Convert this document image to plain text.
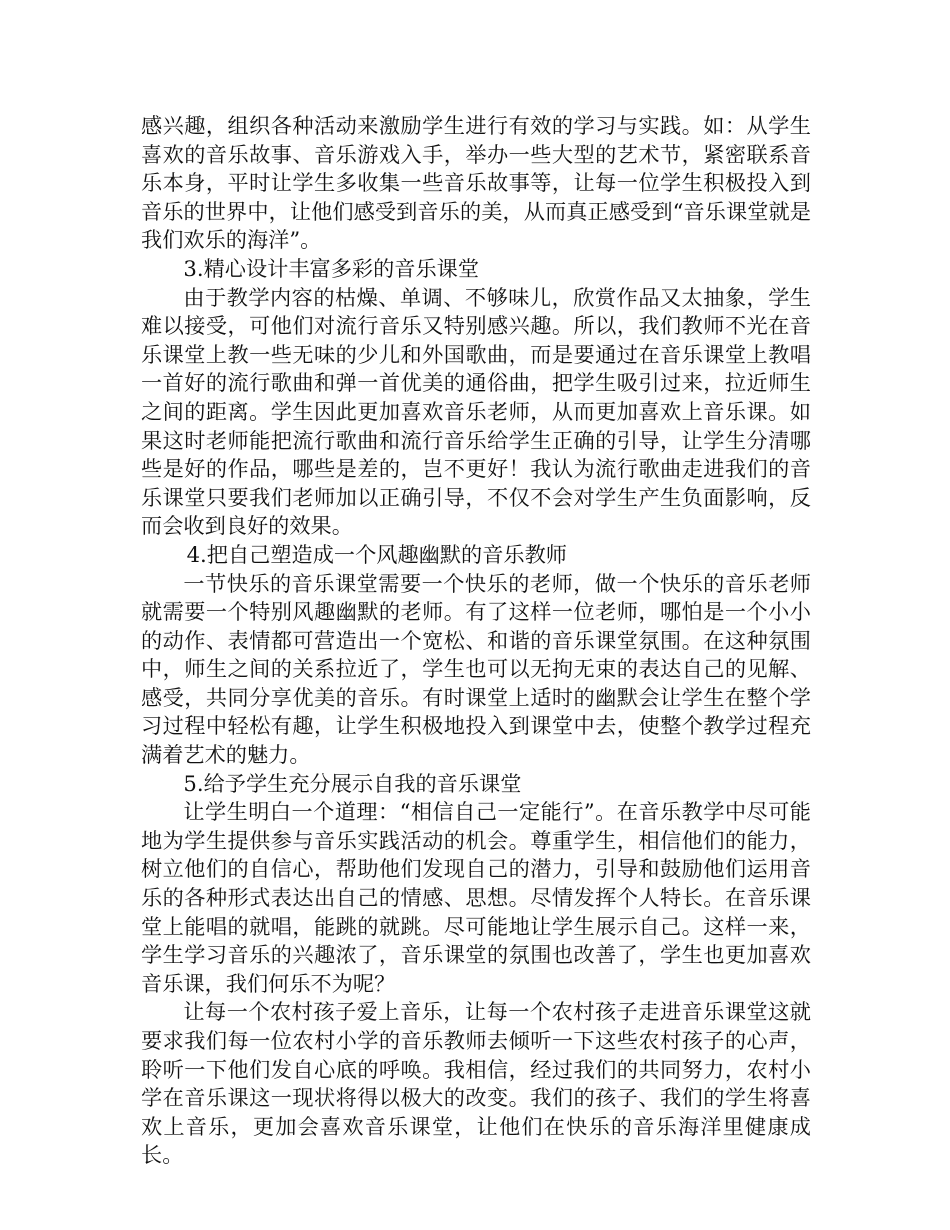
感兴趣，组织各种活动来激励学生进行有效的学习与实践。如：从学生喜欢的音乐故事、音乐游戏入手，举办一些大型的艺术节，紧密联系音乐本身，平时让学生多收集一些音乐故事等，让每一位学生积极投入到音乐的世界中，让他们感受到音乐的美，从而真正感受到“音乐课堂就是我们欢乐的海洋”。

3.精心设计丰富多彩的音乐课堂

由于教学内容的枯燥、单调、不够味儿，欣赏作品又太抽象，学生难以接受，可他们对流行音乐又特别感兴趣。所以，我们教师不光在音乐课堂上教一些无味的少儿和外国歌曲，而是要通过在音乐课堂上教唱一首好的流行歌曲和弹一首优美的通俗曲，把学生吸引过来，拉近师生之间的距离。学生因此更加喜欢音乐老师，从而更加喜欢上音乐课。如果这时老师能把流行歌曲和流行音乐给学生正确的引导，让学生分清哪些是好的作品，哪些是差的，岂不更好！我认为流行歌曲走进我们的音乐课堂只要我们老师加以正确引导，不仅不会对学生产生负面影响，反而会收到良好的效果。

4.把自己塑造成一个风趣幽默的音乐教师

一节快乐的音乐课堂需要一个快乐的老师，做一个快乐的音乐老师就需要一个特别风趣幽默的老师。有了这样一位老师，哪怕是一个小小的动作、表情都可营造出一个宽松、和谐的音乐课堂氛围。在这种氛围中，师生之间的关系拉近了，学生也可以无拘无束的表达自己的见解、感受，共同分享优美的音乐。有时课堂上适时的幽默会让学生在整个学习过程中轻松有趣，让学生积极地投入到课堂中去，使整个教学过程充满着艺术的魅力。

5.给予学生充分展示自我的音乐课堂

让学生明白一个道理：“相信自己一定能行”。在音乐教学中尽可能地为学生提供参与音乐实践活动的机会。尊重学生，相信他们的能力，树立他们的自信心，帮助他们发现自己的潜力，引导和鼓励他们运用音乐的各种形式表达出自己的情感、思想。尽情发挥个人特长。在音乐课堂上能唱的就唱，能跳的就跳。尽可能地让学生展示自己。这样一来，学生学习音乐的兴趣浓了，音乐课堂的氛围也改善了，学生也更加喜欢音乐课，我们何乐不为呢？

让每一个农村孩子爱上音乐，让每一个农村孩子走进音乐课堂这就要求我们每一位农村小学的音乐教师去倾听一下这些农村孩子的心声，聆听一下他们发自心底的呼唤。我相信，经过我们的共同努力，农村小学在音乐课这一现状将得以极大的改变。我们的孩子、我们的学生将喜欢上音乐，更加会喜欢音乐课堂，让他们在快乐的音乐海洋里健康成长。
